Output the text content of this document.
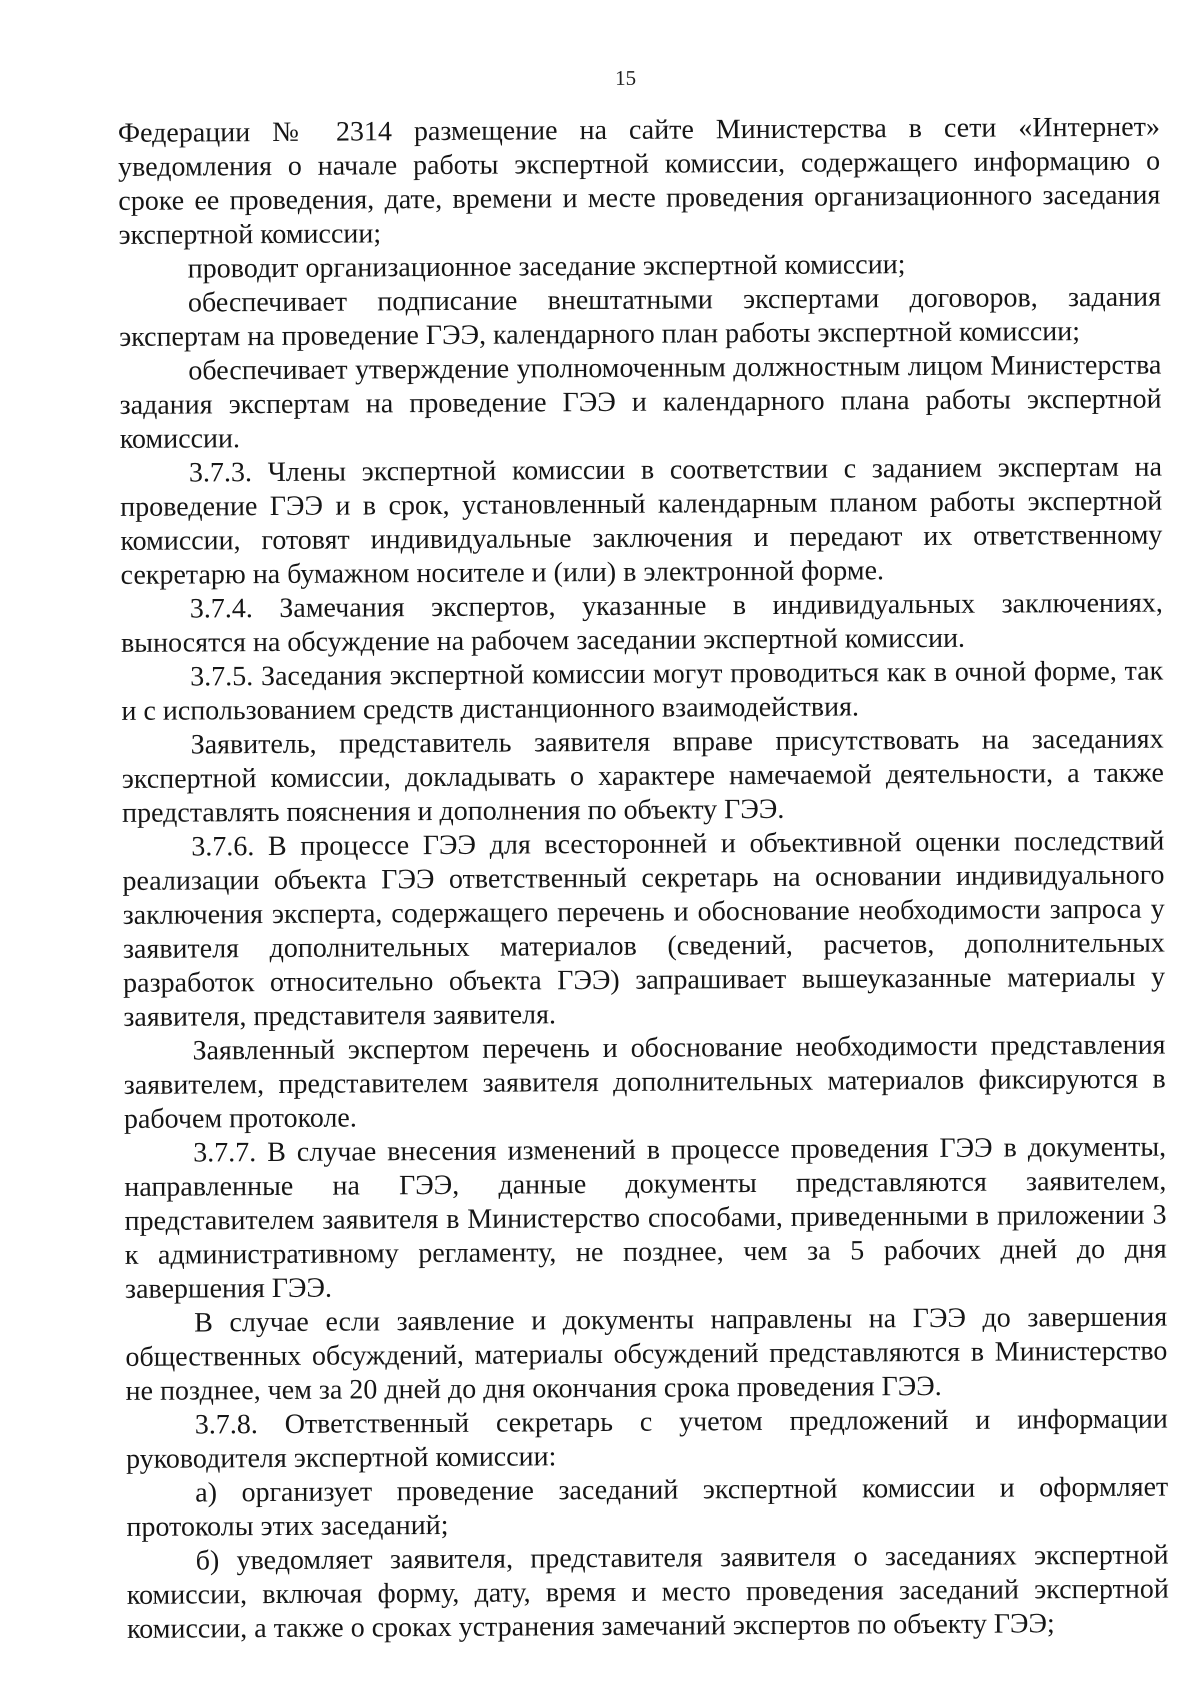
15

Федерации № 2314 размещение на сайте Министерства в сети «Интернет» уведомления о начале работы экспертной комиссии, содержащего информацию о сроке ее проведения, дате, времени и месте проведения организационного заседания экспертной комиссии;

проводит организационное заседание экспертной комиссии;

обеспечивает подписание внештатными экспертами договоров, задания экспертам на проведение ГЭЭ, календарного план работы экспертной комиссии;

обеспечивает утверждение уполномоченным должностным лицом Министерства задания экспертам на проведение ГЭЭ и календарного плана работы экспертной комиссии.

3.7.3. Члены экспертной комиссии в соответствии с заданием экспертам на проведение ГЭЭ и в срок, установленный календарным планом работы экспертной комиссии, готовят индивидуальные заключения и передают их ответственному секретарю на бумажном носителе и (или) в электронной форме.

3.7.4. Замечания экспертов, указанные в индивидуальных заключениях, выносятся на обсуждение на рабочем заседании экспертной комиссии.

3.7.5. Заседания экспертной комиссии могут проводиться как в очной форме, так и с использованием средств дистанционного взаимодействия.

Заявитель, представитель заявителя вправе присутствовать на заседаниях экспертной комиссии, докладывать о характере намечаемой деятельности, а также представлять пояснения и дополнения по объекту ГЭЭ.

3.7.6. В процессе ГЭЭ для всесторонней и объективной оценки последствий реализации объекта ГЭЭ ответственный секретарь на основании индивидуального заключения эксперта, содержащего перечень и обоснование необходимости запроса у заявителя дополнительных материалов (сведений, расчетов, дополнительных разработок относительно объекта ГЭЭ) запрашивает вышеуказанные материалы у заявителя, представителя заявителя.

Заявленный экспертом перечень и обоснование необходимости представления заявителем, представителем заявителя дополнительных материалов фиксируются в рабочем протоколе.

3.7.7. В случае внесения изменений в процессе проведения ГЭЭ в документы, направленные на ГЭЭ, данные документы представляются заявителем, представителем заявителя в Министерство способами, приведенными в приложении 3 к административному регламенту, не позднее, чем за 5 рабочих дней до дня завершения ГЭЭ.

В случае если заявление и документы направлены на ГЭЭ до завершения общественных обсуждений, материалы обсуждений представляются в Министерство не позднее, чем за 20 дней до дня окончания срока проведения ГЭЭ.

3.7.8. Ответственный секретарь с учетом предложений и информации руководителя экспертной комиссии:

а) организует проведение заседаний экспертной комиссии и оформляет протоколы этих заседаний;

б) уведомляет заявителя, представителя заявителя о заседаниях экспертной комиссии, включая форму, дату, время и место проведения заседаний экспертной комиссии, а также о сроках устранения замечаний экспертов по объекту ГЭЭ;
